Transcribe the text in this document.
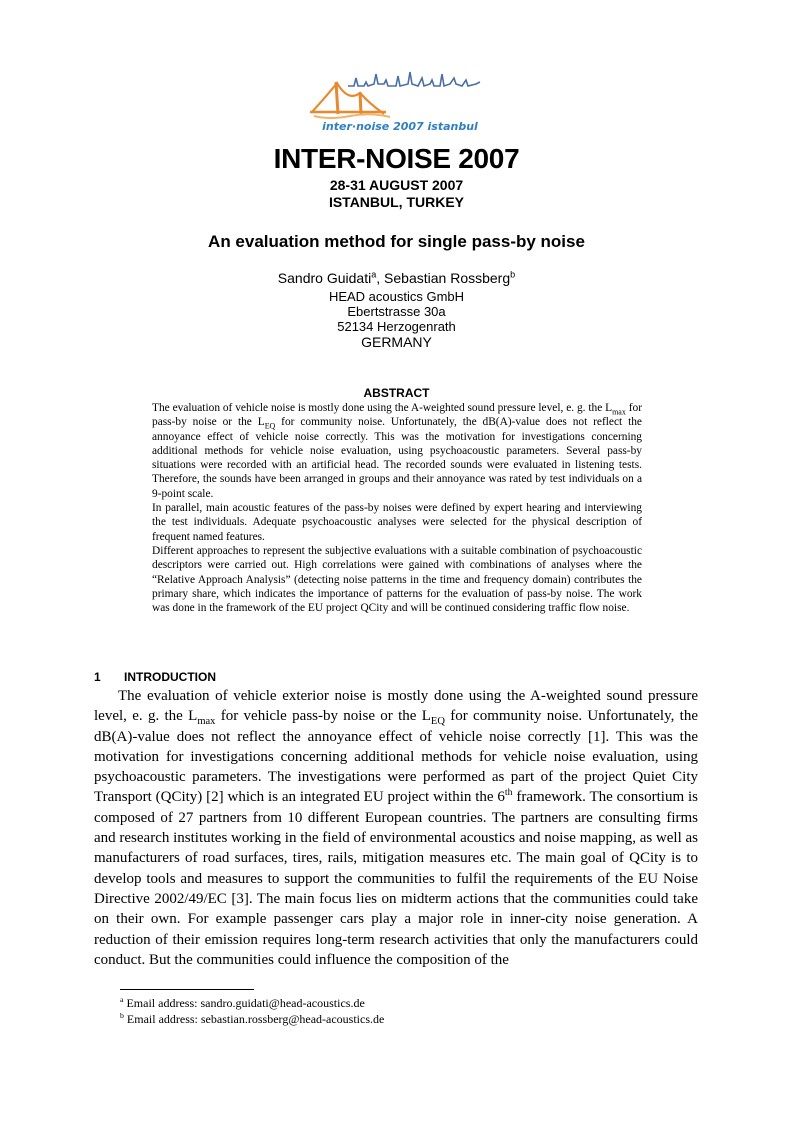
inter·noise 2007 istanbul
INTER-NOISE 2007
28-31 AUGUST 2007
ISTANBUL, TURKEY
An evaluation method for single pass-by noise
Sandro Guidati$^a$, Sebastian Rossberg$^b$
HEAD acoustics GmbH
Ebertstrasse 30a
52134 Herzogenrath
GERMANY
ABSTRACT

The evaluation of vehicle noise is mostly done using the A-weighted sound pressure level, e. g. the $L_{max}$ for pass-by noise or the $L_{EQ}$ for community noise. Unfortunately, the dB(A)-value does not reflect the annoyance effect of vehicle noise correctly. This was the motivation for investigations concerning additional methods for vehicle noise evaluation, using psychoacoustic parameters. Several pass-by situations were recorded with an artificial head. The recorded sounds were evaluated in listening tests. Therefore, the sounds have been arranged in groups and their annoyance was rated by test individuals on a 9-point scale.

In parallel, main acoustic features of the pass-by noises were defined by expert hearing and interviewing the test individuals. Adequate psychoacoustic analyses were selected for the physical description of frequent named features.

Different approaches to represent the subjective evaluations with a suitable combination of psychoacoustic descriptors were carried out. High correlations were gained with combinations of analyses where the “Relative Approach Analysis” (detecting noise patterns in the time and frequency domain) contributes the primary share, which indicates the importance of patterns for the evaluation of pass-by noise. The work was done in the framework of the EU project QCity and will be continued considering traffic flow noise.

1 INTRODUCTION

The evaluation of vehicle exterior noise is mostly done using the A-weighted sound pressure level, e. g. the $L_{max}$ for vehicle pass-by noise or the $L_{EQ}$ for community noise. Unfortunately, the dB(A)-value does not reflect the annoyance effect of vehicle noise correctly [1]. This was the motivation for investigations concerning additional methods for vehicle noise evaluation, using psychoacoustic parameters. The investigations were performed as part of the project Quiet City Transport (QCity) [2] which is an integrated EU project within the 6th framework. The consortium is composed of 27 partners from 10 different European countries. The partners are consulting firms and research institutes working in the field of environmental acoustics and noise mapping, as well as manufacturers of road surfaces, tires, rails, mitigation measures etc. The main goal of QCity is to develop tools and measures to support the communities to fulfil the requirements of the EU Noise Directive 2002/49/EC [3]. The main focus lies on midterm actions that the communities could take on their own. For example passenger cars play a major role in inner-city noise generation. A reduction of their emission requires long-term research activities that only the manufacturers could conduct. But the communities could influence the composition of the

$^a$ Email address: sandro.guidati@head-acoustics.de
$^b$ Email address: sebastian.rossberg@head-acoustics.de
